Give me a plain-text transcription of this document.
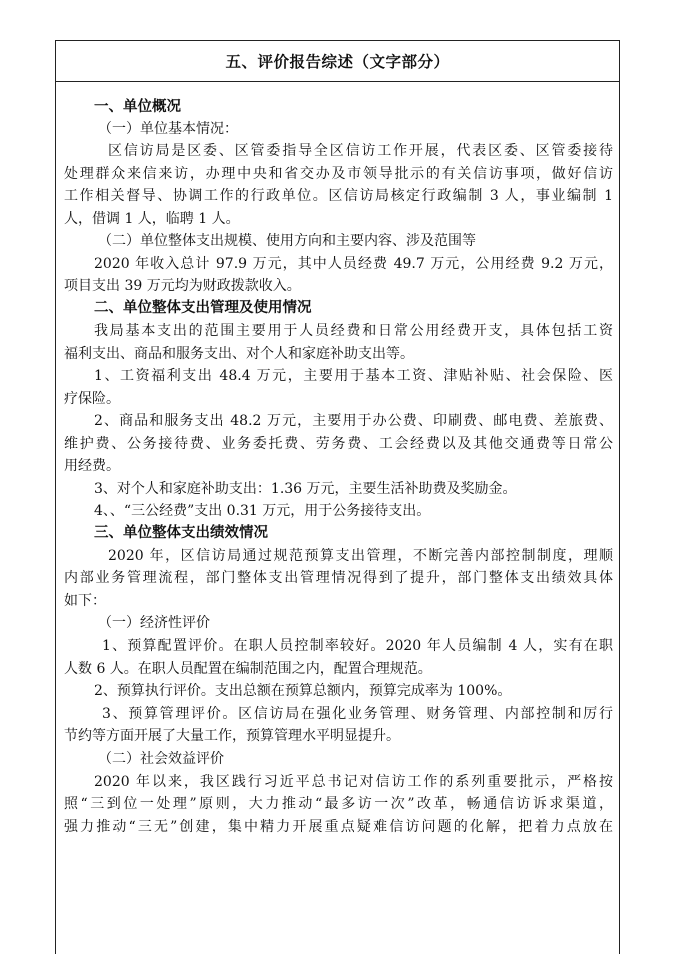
五、评价报告综述（文字部分）
一、单位概况
（一）单位基本情况：
区信访局是区委、区管委指导全区信访工作开展，代表区委、区管委接待
处理群众来信来访，办理中央和省交办及市领导批示的有关信访事项，做好信访
工作相关督导、协调工作的行政单位。区信访局核定行政编制 3 人，事业编制 1
人，借调 1 人，临聘 1 人。
（二）单位整体支出规模、使用方向和主要内容、涉及范围等
2020 年收入总计 97.9 万元，其中人员经费 49.7 万元，公用经费 9.2 万元，
项目支出 39 万元均为财政拨款收入。
二、单位整体支出管理及使用情况
我局基本支出的范围主要用于人员经费和日常公用经费开支，具体包括工资
福利支出、商品和服务支出、对个人和家庭补助支出等。
1、工资福利支出 48.4 万元，主要用于基本工资、津贴补贴、社会保险、医
疗保险。
2、商品和服务支出 48.2 万元，主要用于办公费、印刷费、邮电费、差旅费、
维护费、公务接待费、业务委托费、劳务费、工会经费以及其他交通费等日常公
用经费。
3、对个人和家庭补助支出：1.36 万元，主要生活补助费及奖励金。
4、、“三公经费”支出 0.31 万元，用于公务接待支出。
三、单位整体支出绩效情况
2020 年，区信访局通过规范预算支出管理，不断完善内部控制制度，理顺
内部业务管理流程，部门整体支出管理情况得到了提升，部门整体支出绩效具体
如下：
（一）经济性评价
1、预算配置评价。在职人员控制率较好。2020 年人员编制 4 人，实有在职
人数 6 人。在职人员配置在编制范围之内，配置合理规范。
2、预算执行评价。支出总额在预算总额内，预算完成率为 100%。
3、预算管理评价。区信访局在强化业务管理、财务管理、内部控制和厉行
节约等方面开展了大量工作，预算管理水平明显提升。
（二）社会效益评价
2020 年以来，我区践行习近平总书记对信访工作的系列重要批示，严格按
照“三到位一处理”原则，大力推动“最多访一次”改革，畅通信访诉求渠道，
强力推动“三无”创建，集中精力开展重点疑难信访问题的化解，把着力点放在
